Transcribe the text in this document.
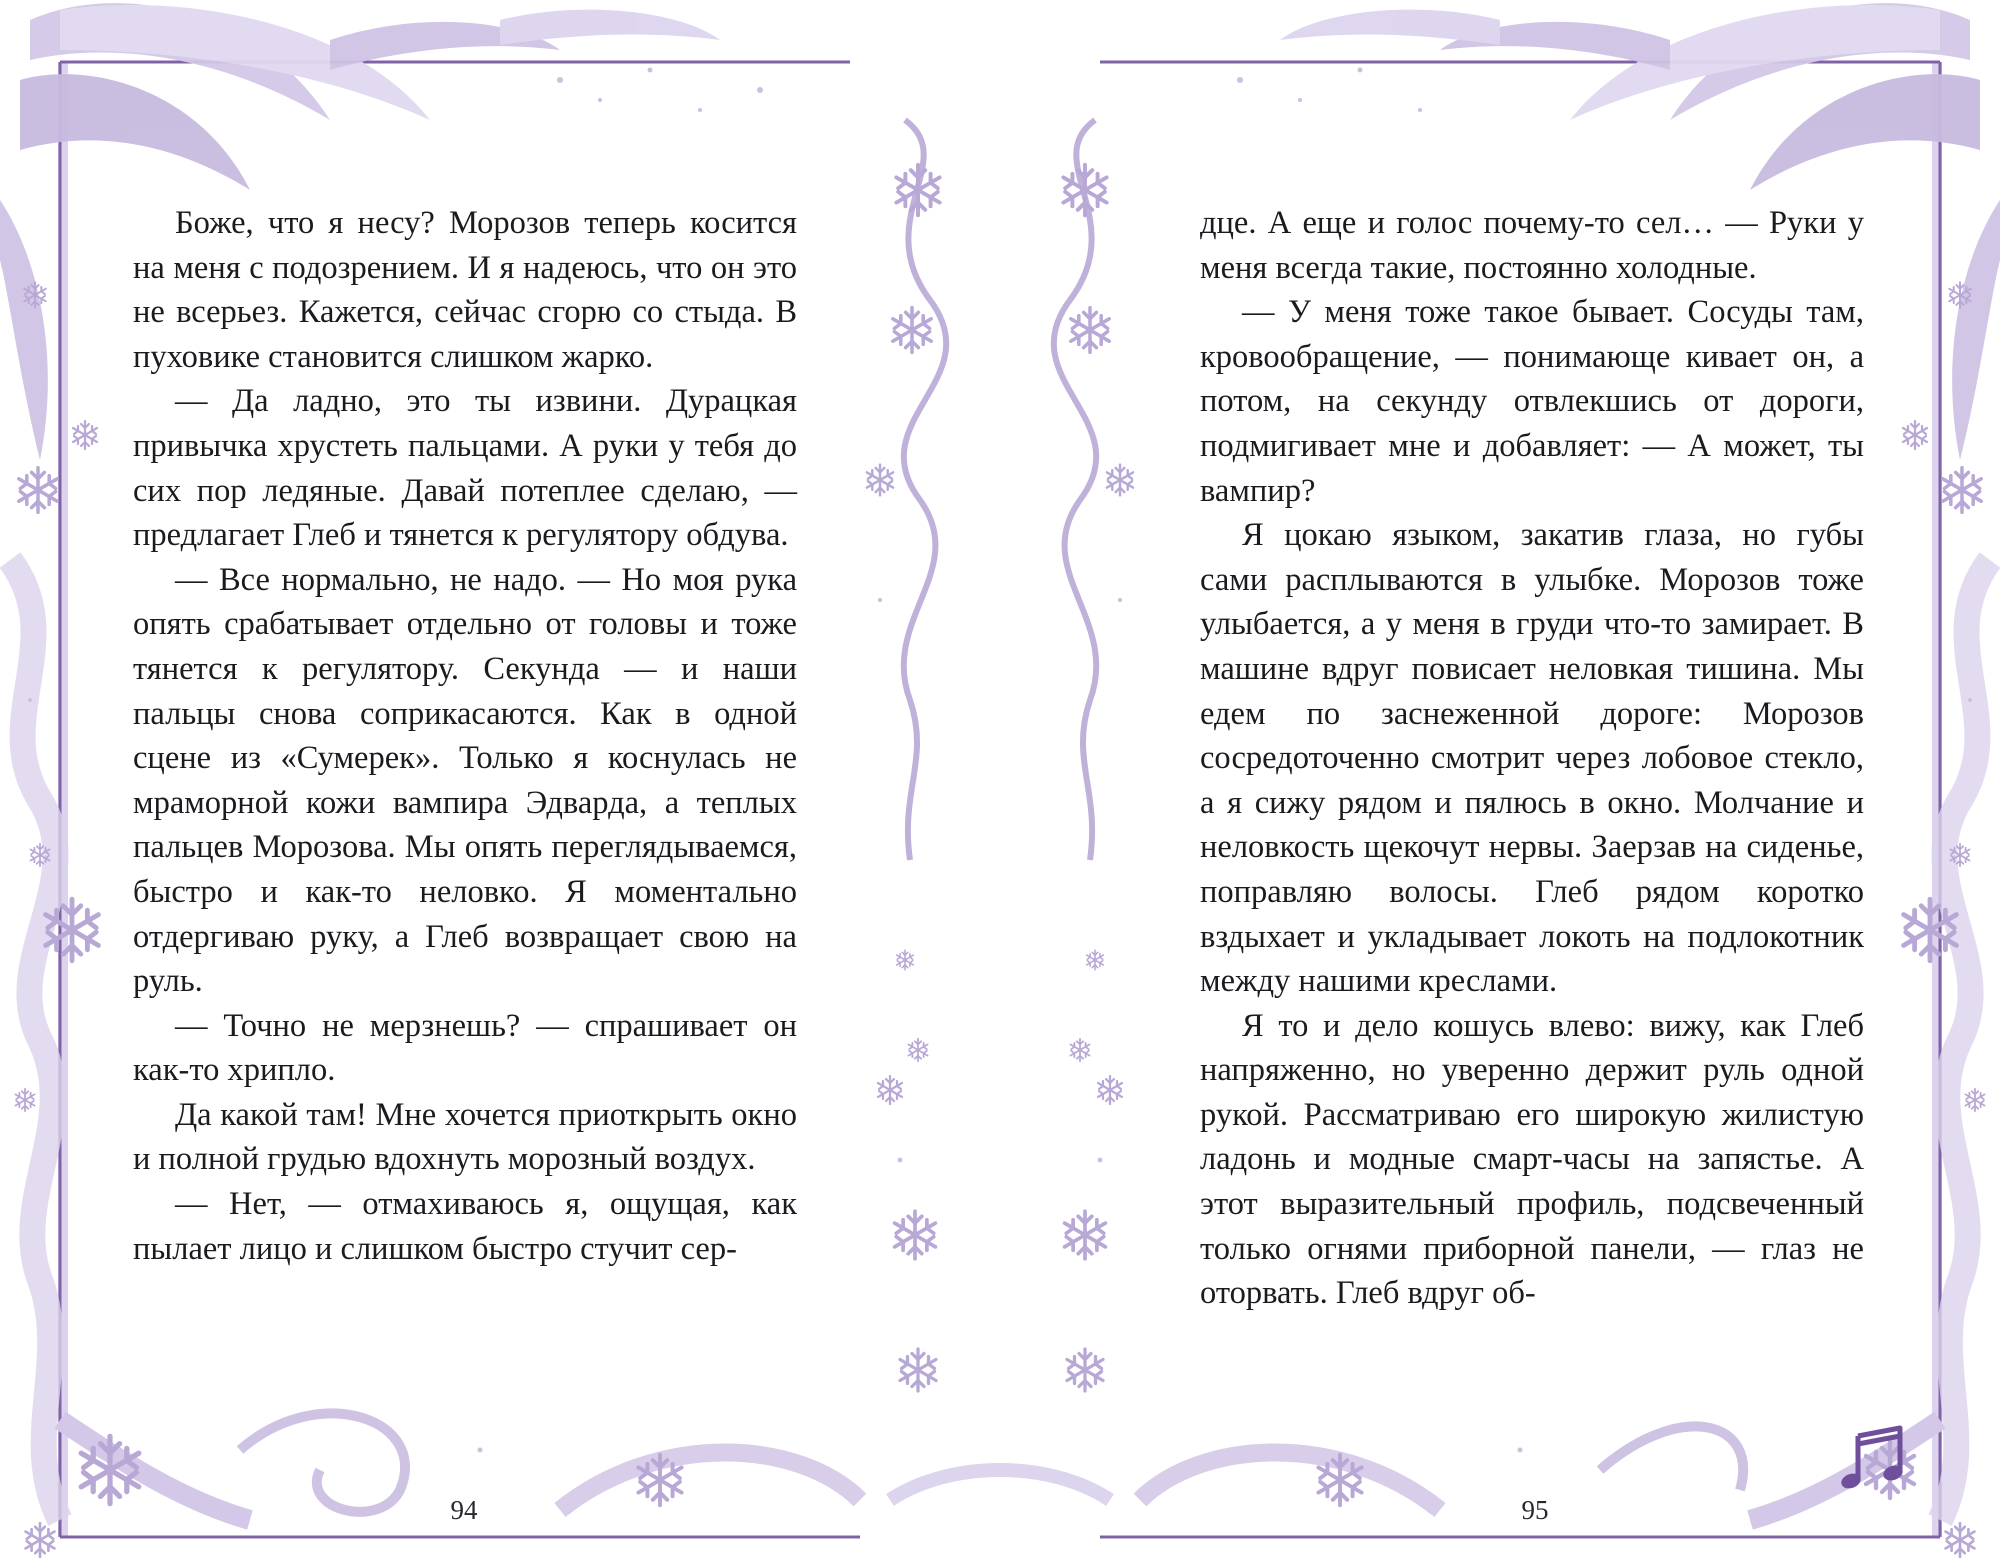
Боже, что я несу? Морозов теперь косится на меня с подозрением. И я надеюсь, что он это не всерьез. Кажется, сейчас сгорю со стыда. В пуховике становится слишком жарко.

— Да ладно, это ты извини. Дурацкая привычка хрустеть пальцами. А руки у тебя до сих пор ледяные. Давай потеплее сделаю, — предлагает Глеб и тянется к регулятору обдува.

— Все нормально, не надо. — Но моя рука опять срабатывает отдельно от головы и тоже тянется к регулятору. Секунда — и наши пальцы снова соприкасаются. Как в одной сцене из «Сумерек». Только я коснулась не мраморной кожи вампира Эдварда, а теплых пальцев Морозова. Мы опять переглядываемся, быстро и как-то неловко. Я моментально отдергиваю руку, а Глеб возвращает свою на руль.

— Точно не мерзнешь? — спрашивает он как-то хрипло.

Да какой там! Мне хочется приоткрыть окно и полной грудью вдохнуть морозный воздух.

— Нет, — отмахиваюсь я, ощущая, как пылает лицо и слишком быстро стучит сер-

94

дце. А еще и голос почему-то сел… — Руки у меня всегда такие, постоянно холодные.

— У меня тоже такое бывает. Сосуды там, кровообращение, — понимающе кивает он, а потом, на секунду отвлекшись от дороги, подмигивает мне и добавляет: — А может, ты вампир?

Я цокаю языком, закатив глаза, но губы сами расплываются в улыбке. Морозов тоже улыбается, а у меня в груди что-то замирает. В машине вдруг повисает неловкая тишина. Мы едем по заснеженной дороге: Морозов сосредоточенно смотрит через лобовое стекло, а я сижу рядом и пялюсь в окно. Молчание и неловкость щекочут нервы. Заерзав на сиденье, поправляю волосы. Глеб рядом коротко вздыхает и укладывает локоть на подлокотник между нашими креслами.

Я то и дело кошусь влево: вижу, как Глеб напряженно, но уверенно держит руль одной рукой. Рассматриваю его широкую жилистую ладонь и модные смарт-часы на запястье. А этот выразительный профиль, подсвеченный только огнями приборной панели, — глаз не оторвать. Глеб вдруг об-

95
